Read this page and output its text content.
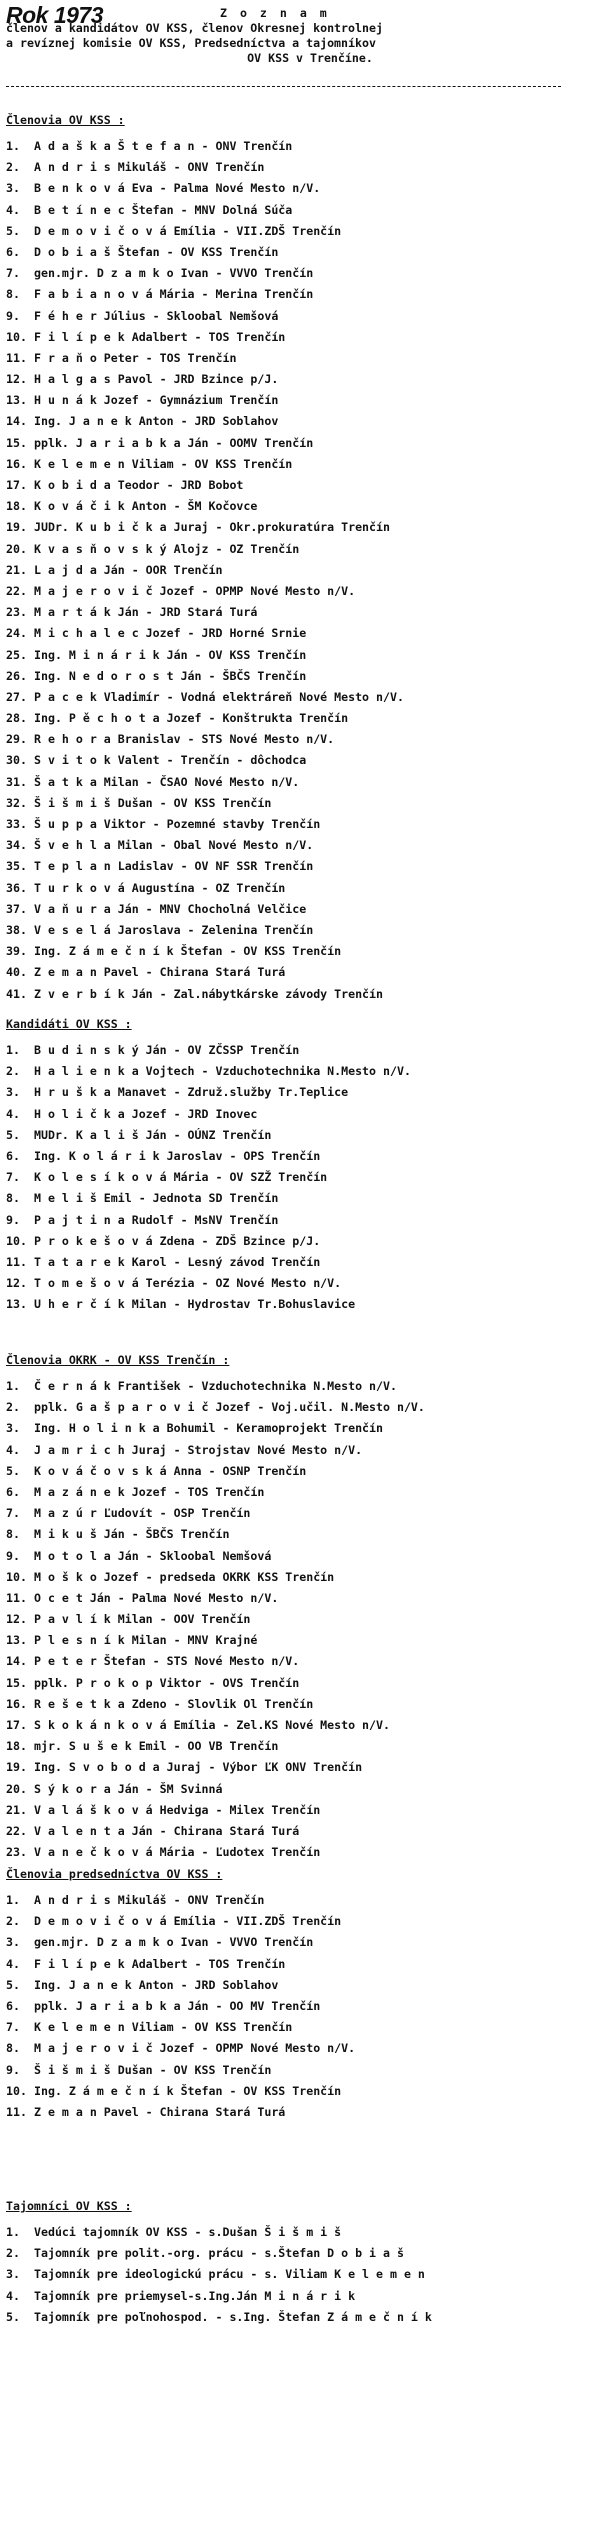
Rok 1973	Z o z n a m
členov a kandidátov OV KSS, členov Okresnej kontrolnej
a revíznej komisie OV KSS, Predsedníctva a tajomníkov
OV KSS v Trenčíne.
Členovia OV KSS :
1. A d a š k a Š t e f a n - ONV Trenčín
2. A n d r i s Mikuláš - ONV Trenčín
3. B e n k o v á Eva - Palma Nové Mesto n/V.
4. B e t í n e c Štefan - MNV Dolná Súča
5. D e m o v i č o v á Emília - VII.ZDŠ Trenčín
6. D o b i a š Štefan - OV KSS Trenčín
7. gen.mjr. D z a m k o Ivan - VVVO Trenčín
8. F a b i a n o v á Mária - Merina Trenčín
9. F é h e r Július - Skloobal Nemšová
10. F i l í p e k Adalbert - TOS Trenčín
11. F r a ň o Peter - TOS Trenčín
12. H a l g a s Pavol - JRD Bzince p/J.
13. H u n á k Jozef - Gymnázium Trenčín
14. Ing. J a n e k Anton - JRD Soblahov
15. pplk. J a r i a b k a Ján - OOMV Trenčín
16. K e l e m e n Viliam - OV KSS Trenčín
17. K o b i d a Teodor - JRD Bobot
18. K o v á č i k Anton - ŠM Kočovce
19. JUDr. K u b i č k a Juraj - Okr.prokuratúra Trenčín
20. K v a s ň o v s k ý Alojz - OZ Trenčín
21. L a j d a Ján - OOR Trenčín
22. M a j e r o v i č Jozef - OPMP Nové Mesto n/V.
23. M a r t á k Ján - JRD Stará Turá
24. M i c h a l e c Jozef - JRD Horné Srnie
25. Ing. M i n á r i k Ján - OV KSS Trenčín
26. Ing. N e d o r o s t Ján - ŠBČS Trenčín
27. P a c e k Vladimír - Vodná elektráreň Nové Mesto n/V.
28. Ing. P ě c h o t a Jozef - Konštrukta Trenčín
29. R e h o r a Branislav - STS Nové Mesto n/V.
30. S v i t o k Valent - Trenčín - dôchodca
31. Š a t k a Milan - ČSAO Nové Mesto n/V.
32. Š i š m i š Dušan - OV KSS Trenčín
33. Š u p p a Viktor - Pozemné stavby Trenčín
34. Š v e h l a Milan - Obal Nové Mesto n/V.
35. T e p l a n Ladislav - OV NF SSR Trenčín
36. T u r k o v á Augustína - OZ Trenčín
37. V a ň u r a Ján - MNV Chocholná Velčice
38. V e s e l á Jaroslava - Zelenina Trenčín
39. Ing. Z á m e č n í k Štefan - OV KSS Trenčín
40. Z e m a n Pavel - Chirana Stará Turá
41. Z v e r b í k Ján - Zal.nábytkárske závody Trenčín
Kandidáti OV KSS :
1. B u d i n s k ý Ján - OV ZČSSP Trenčín
2. H a l i e n k a Vojtech - Vzduchotechnika N.Mesto n/V.
3. H r u š k a Manavet - Združ.služby Tr.Teplice
4. H o l i č k a Jozef - JRD Inovec
5. MUDr. K a l i š Ján - OÚNZ Trenčín
6. Ing. K o l á r i k Jaroslav - OPS Trenčín
7. K o l e s í k o v á Mária - OV SZŽ Trenčín
8. M e l i š Emil - Jednota SD Trenčín
9. P a j t i n a Rudolf - MsNV Trenčín
10. P r o k e š o v á Zdena - ZDŠ Bzince p/J.
11. T a t a r e k Karol - Lesný závod Trenčín
12. T o m e š o v á Terézia - OZ Nové Mesto n/V.
13. U h e r č í k Milan - Hydrostav Tr.Bohuslavice
Členovia OKRK - OV KSS Trenčín :
1. Č e r n á k František - Vzduchotechnika N.Mesto n/V.
2. pplk. G a š p a r o v i č Jozef - Voj.učil. N.Mesto n/V.
3. Ing. H o l i n k a Bohumil - Keramoprojekt Trenčín
4. J a m r i c h Juraj - Strojstav Nové Mesto n/V.
5. K o v á č o v s k á Anna - OSNP Trenčín
6. M a z á n e k Jozef - TOS Trenčín
7. M a z ú r Ľudovít - OSP Trenčín
8. M i k u š Ján - ŠBČS Trenčín
9. M o t o l a Ján - Skloobal Nemšová
10. M o š k o Jozef - predseda OKRK KSS Trenčín
11. O c e t Ján - Palma Nové Mesto n/V.
12. P a v l í k Milan - OOV Trenčín
13. P l e s n í k Milan - MNV Krajné
14. P e t e r Štefan - STS Nové Mesto n/V.
15. pplk. P r o k o p Viktor - OVS Trenčín
16. R e š e t k a Zdeno - Slovlik Ol Trenčín
17. S k o k á n k o v á Emília - Zel.KS Nové Mesto n/V.
18. mjr. S u š e k Emil - OO VB Trenčín
19. Ing. S v o b o d a Juraj - Výbor ĽK ONV Trenčín
20. S ý k o r a Ján - ŠM Svinná
21. V a l á š k o v á Hedviga - Milex Trenčín
22. V a l e n t a Ján - Chirana Stará Turá
23. V a n e č k o v á Mária - Ľudotex Trenčín
Členovia predsedníctva OV KSS :
1. A n d r i s Mikuláš - ONV Trenčín
2. D e m o v i č o v á Emília - VII.ZDŠ Trenčín
3. gen.mjr. D z a m k o Ivan - VVVO Trenčín
4. F i l í p e k Adalbert - TOS Trenčín
5. Ing. J a n e k Anton - JRD Soblahov
6. pplk. J a r i a b k a Ján - OO MV Trenčín
7. K e l e m e n Viliam - OV KSS Trenčín
8. M a j e r o v i č Jozef - OPMP Nové Mesto n/V.
9. Š i š m i š Dušan - OV KSS Trenčín
10. Ing. Z á m e č n í k Štefan - OV KSS Trenčín
11. Z e m a n Pavel - Chirana Stará Turá
Tajomníci OV KSS :
1. Vedúci tajomník OV KSS - s.Dušan Š i š m i š
2. Tajomník pre polit.-org. prácu - s.Štefan D o b i a š
3. Tajomník pre ideologickú prácu - s. Viliam K e l e m e n
4. Tajomník pre priemysel-s.Ing.Ján M i n á r i k
5. Tajomník pre poľnohospod. - s.Ing. Štefan Z á m e č n í k
